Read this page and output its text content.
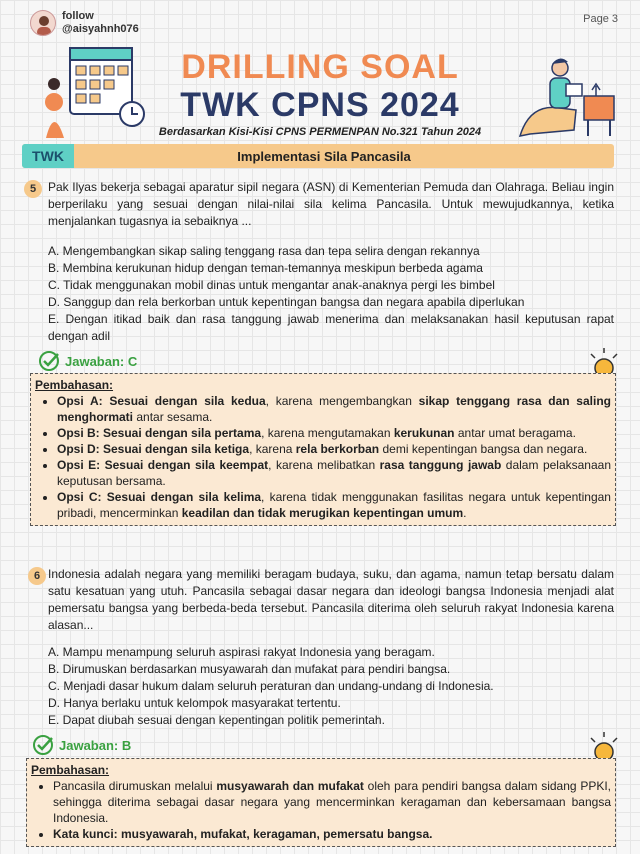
follow
@aisyahnh076
Page 3
DRILLING SOAL
TWK CPNS 2024
Berdasarkan Kisi-Kisi CPNS PERMENPAN No.321 Tahun 2024
TWK	Implementasi Sila Pancasila
5 Pak Ilyas bekerja sebagai aparatur sipil negara (ASN) di Kementerian Pemuda dan Olahraga. Beliau ingin berperilaku yang sesuai dengan nilai-nilai sila kelima Pancasila. Untuk mewujudkannya, ketika menjalankan tugasnya ia sebaiknya ...
A. Mengembangkan sikap saling tenggang rasa dan tepa selira dengan rekannya
B. Membina kerukunan hidup dengan teman-temannya meskipun berbeda agama
C. Tidak menggunakan mobil dinas untuk mengantar anak-anaknya pergi les bimbel
D. Sanggup dan rela berkorban untuk kepentingan bangsa dan negara apabila diperlukan
E. Dengan itikad baik dan rasa tanggung jawab menerima dan melaksanakan hasil keputusan rapat dengan adil
Jawaban: C
Pembahasan:
• Opsi A: Sesuai dengan sila kedua, karena mengembangkan sikap tenggang rasa dan saling menghormati antar sesama.
• Opsi B: Sesuai dengan sila pertama, karena mengutamakan kerukunan antar umat beragama.
• Opsi D: Sesuai dengan sila ketiga, karena rela berkorban demi kepentingan bangsa dan negara.
• Opsi E: Sesuai dengan sila keempat, karena melibatkan rasa tanggung jawab dalam pelaksanaan keputusan bersama.
• Opsi C: Sesuai dengan sila kelima, karena tidak menggunakan fasilitas negara untuk kepentingan pribadi, mencerminkan keadilan dan tidak merugikan kepentingan umum.
6 Indonesia adalah negara yang memiliki beragam budaya, suku, dan agama, namun tetap bersatu dalam satu kesatuan yang utuh. Pancasila sebagai dasar negara dan ideologi bangsa Indonesia menjadi alat pemersatu bangsa yang berbeda-beda tersebut. Pancasila diterima oleh seluruh rakyat Indonesia karena alasan...
A. Mampu menampung seluruh aspirasi rakyat Indonesia yang beragam.
B. Dirumuskan berdasarkan musyawarah dan mufakat para pendiri bangsa.
C. Menjadi dasar hukum dalam seluruh peraturan dan undang-undang di Indonesia.
D. Hanya berlaku untuk kelompok masyarakat tertentu.
E. Dapat diubah sesuai dengan kepentingan politik pemerintah.
Jawaban: B
Pembahasan:
• Pancasila dirumuskan melalui musyawarah dan mufakat oleh para pendiri bangsa dalam sidang PPKI, sehingga diterima sebagai dasar negara yang mencerminkan keragaman dan kebersamaan bangsa Indonesia.
• Kata kunci: musyawarah, mufakat, keragaman, pemersatu bangsa.
